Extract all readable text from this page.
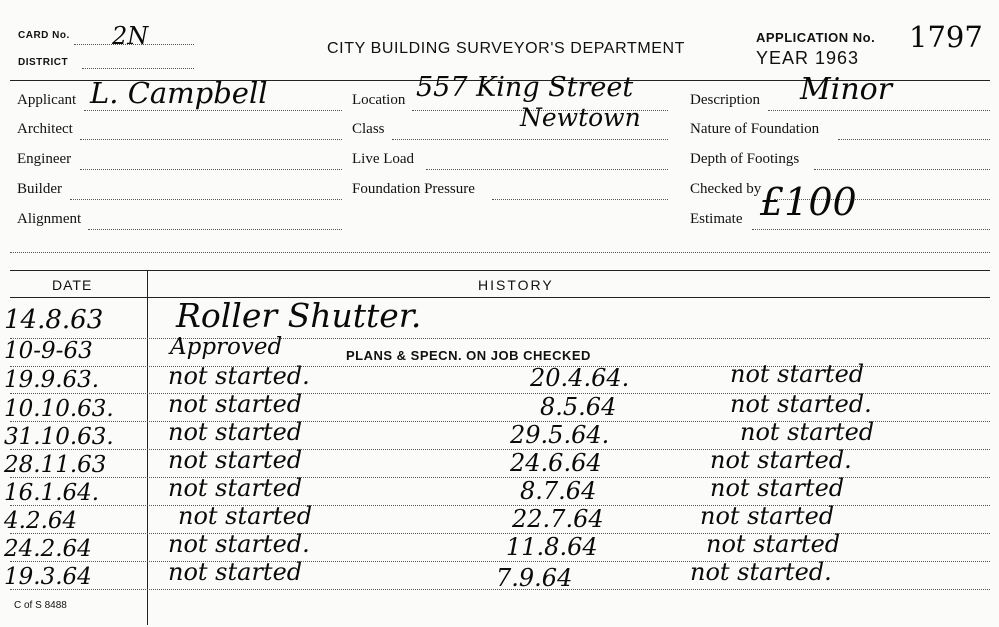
CARD No. 2N
DISTRICT
CITY BUILDING SURVEYOR'S DEPARTMENT
APPLICATION No. 1797
YEAR 1963
Applicant L. Campbell
Architect
Engineer
Builder
Alignment
Location 557 King Street
Newtown
Class
Live Load
Foundation Pressure
Description Minor
Nature of Foundation
Depth of Footings
Checked by
Estimate £100
DATE	HISTORY
14.8.63	Roller Shutter.
10-9-63	Approved	PLANS & SPECN. ON JOB CHECKED
19.9.63.	not started.	20.4.64.	not started
10.10.63.	not started	8.5.64	not started.
31.10.63.	not started	29.5.64.	not started
28.11.63	not started	24.6.64	not started.
16.1.64.	not started	8.7.64	not started
4.2.64	not started	22.7.64	not started
24.2.64	not started.	11.8.64	not started
19.3.64	not started	7.9.64	not started.
C of S 8488
